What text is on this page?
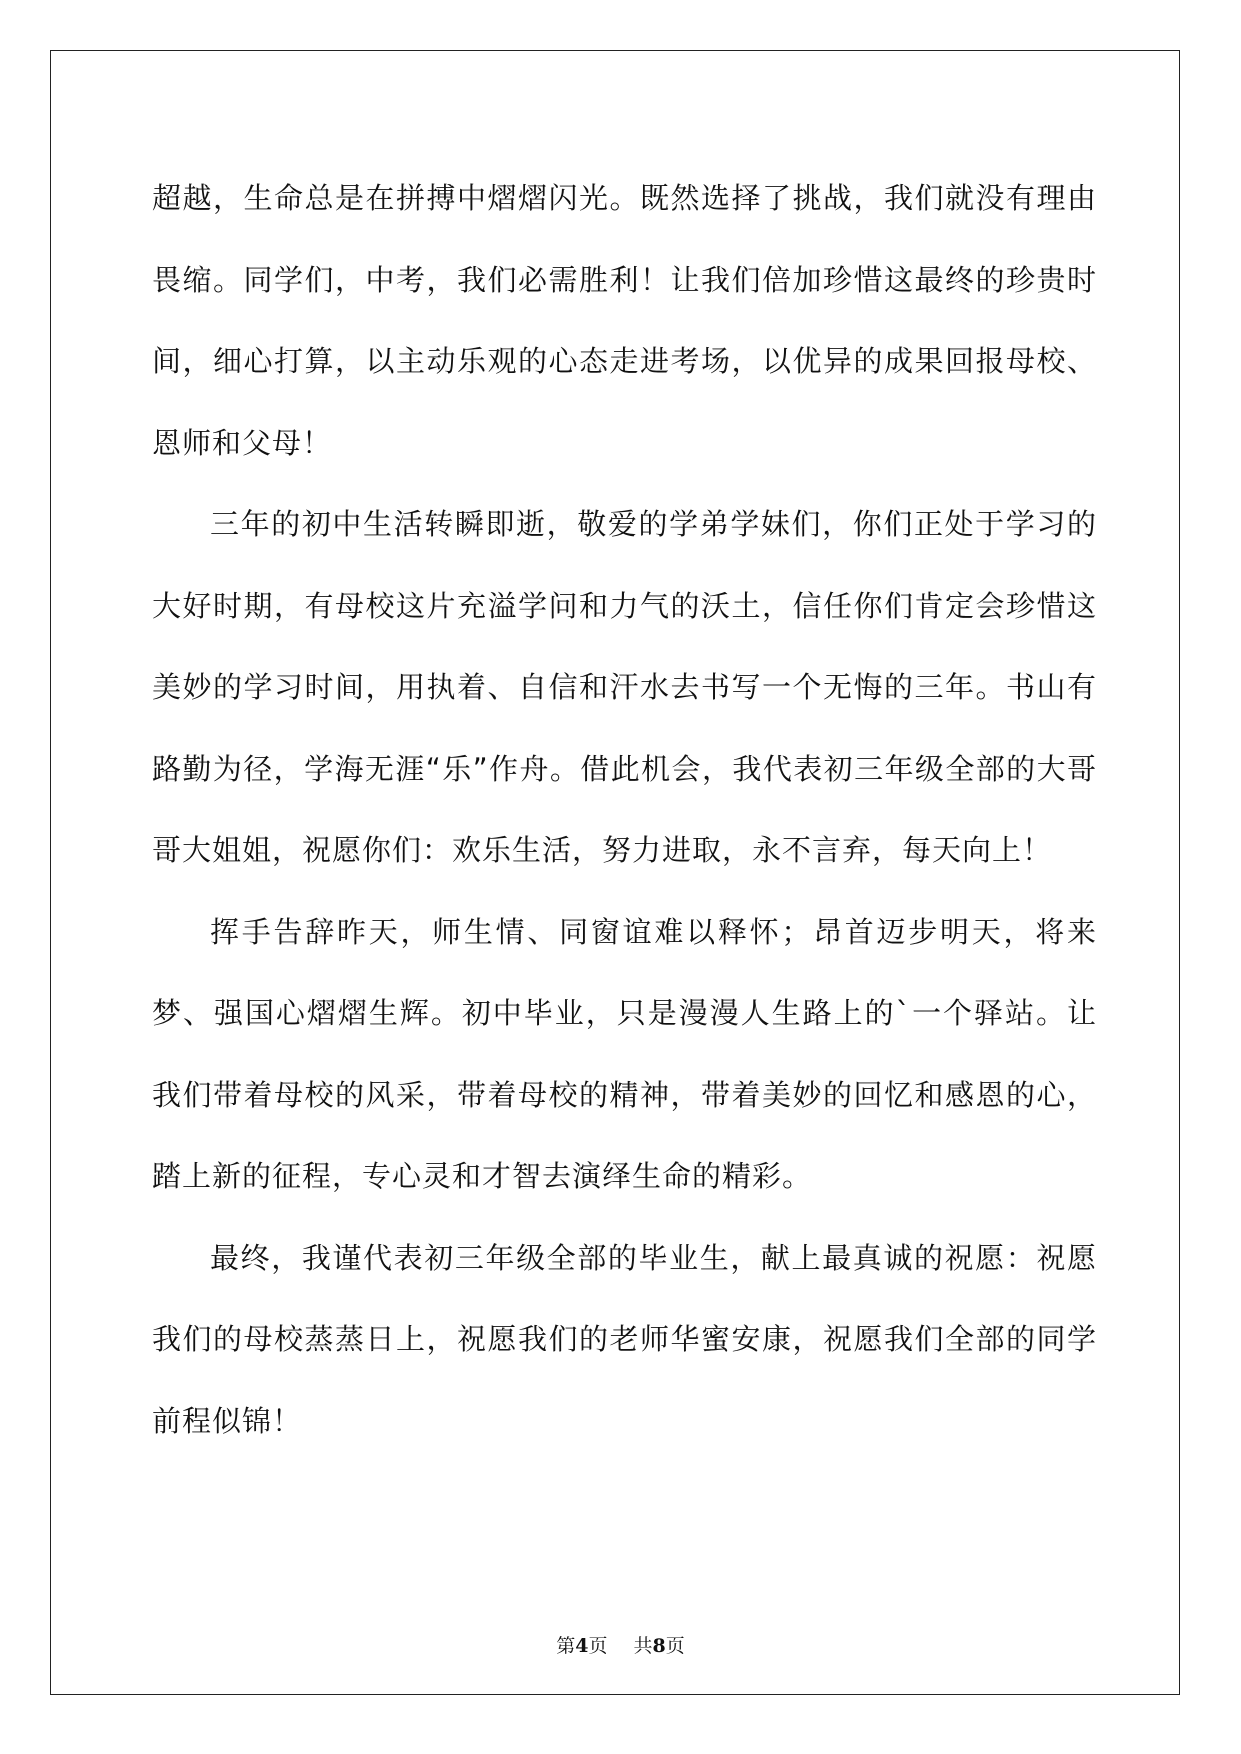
超越，生命总是在拼搏中熠熠闪光。既然选择了挑战，我们就没有理由畏缩。同学们，中考，我们必需胜利！让我们倍加珍惜这最终的珍贵时间，细心打算，以主动乐观的心态走进考场，以优异的成果回报母校、恩师和父母！

三年的初中生活转瞬即逝，敬爱的学弟学妹们，你们正处于学习的大好时期，有母校这片充溢学问和力气的沃土，信任你们肯定会珍惜这美妙的学习时间，用执着、自信和汗水去书写一个无悔的三年。书山有路勤为径，学海无涯“乐”作舟。借此机会，我代表初三年级全部的大哥哥大姐姐，祝愿你们：欢乐生活，努力进取，永不言弃，每天向上！

挥手告辞昨天，师生情、同窗谊难以释怀；昂首迈步明天，将来梦、强国心熠熠生辉。初中毕业，只是漫漫人生路上的`一个驿站。让我们带着母校的风采，带着母校的精神，带着美妙的回忆和感恩的心，踏上新的征程，专心灵和才智去演绎生命的精彩。

最终，我谨代表初三年级全部的毕业生，献上最真诚的祝愿：祝愿我们的母校蒸蒸日上，祝愿我们的老师华蜜安康，祝愿我们全部的同学前程似锦！

第4页 共8页
